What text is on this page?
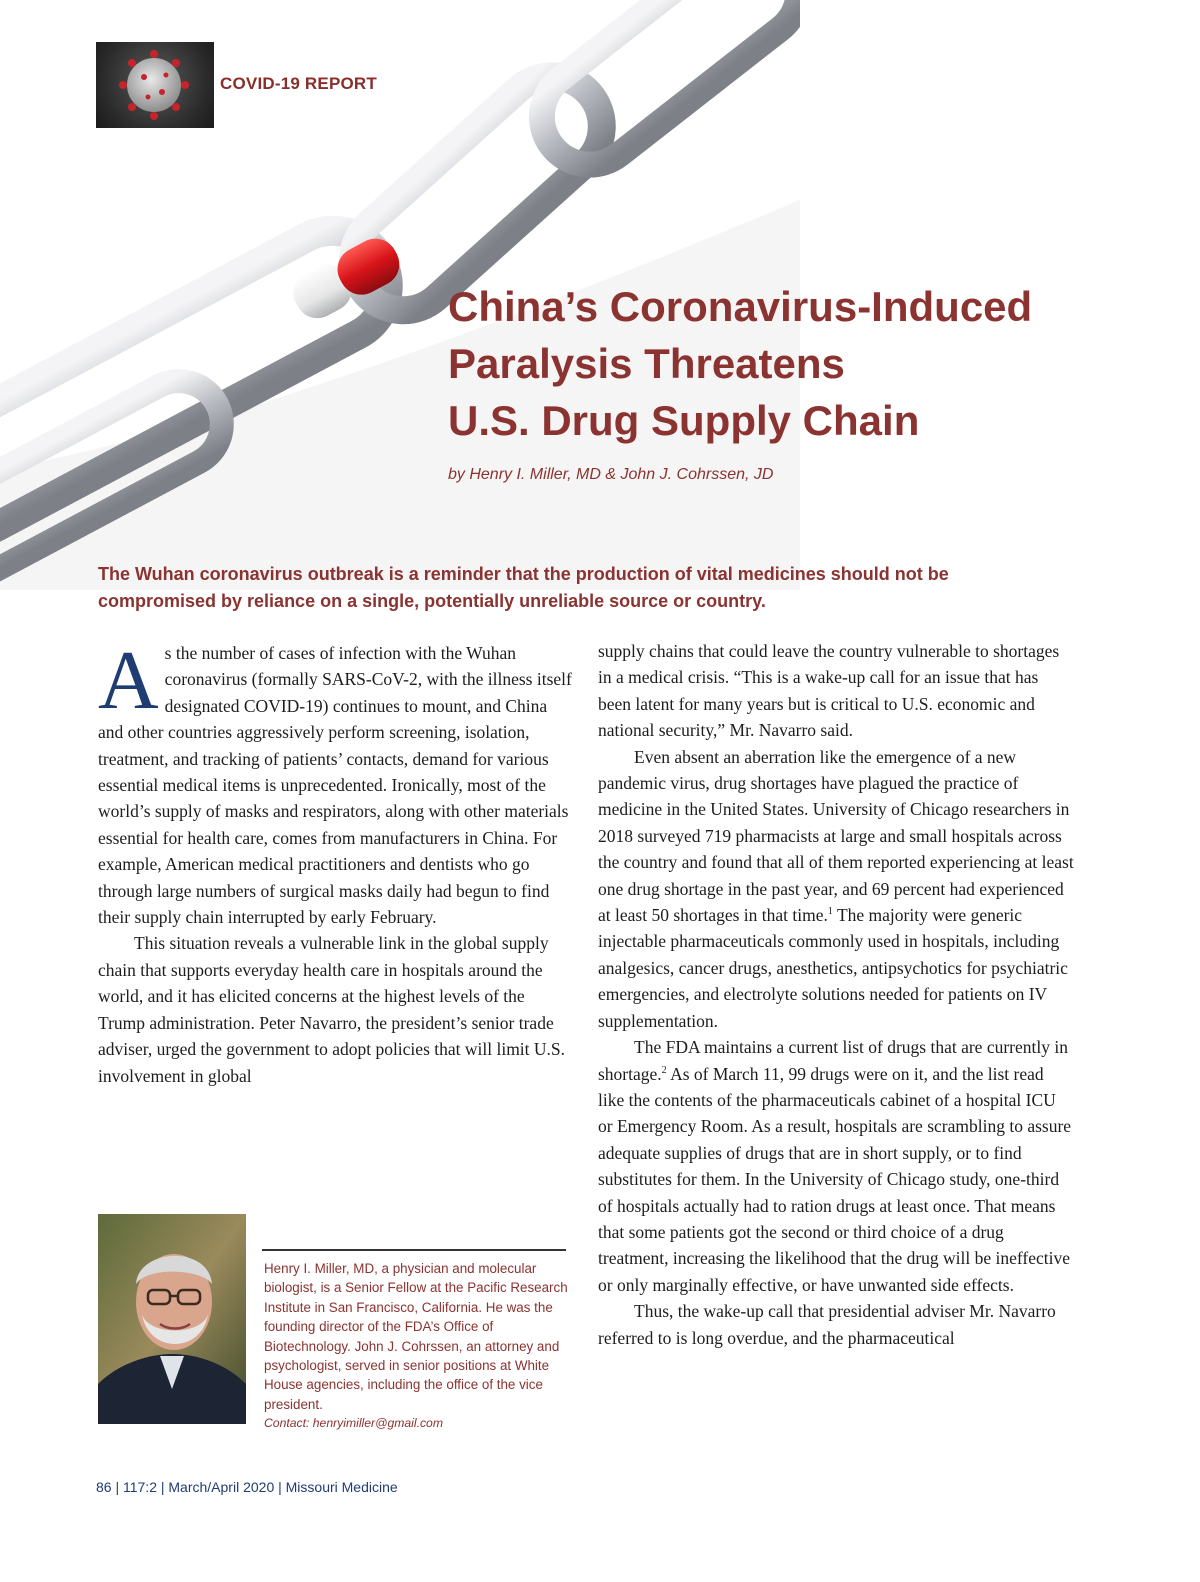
COVID-19 REPORT
China’s Coronavirus-Induced
Paralysis Threatens
U.S. Drug Supply Chain
by Henry I. Miller, MD & John J. Cohrssen, JD
The Wuhan coronavirus outbreak is a reminder that the production of vital medicines should not be compromised by reliance on a single, potentially unreliable source or country.

As the number of cases of infection with the Wuhan coronavirus (formally SARS-CoV-2, with the illness itself designated COVID-19) continues to mount, and China and other countries aggressively perform screening, isolation, treatment, and tracking of patients’ contacts, demand for various essential medical items is unprecedented. Ironically, most of the world’s supply of masks and respirators, along with other materials essential for health care, comes from manufacturers in China. For example, American medical practitioners and dentists who go through large numbers of surgical masks daily had begun to find their supply chain interrupted by early February.

This situation reveals a vulnerable link in the global supply chain that supports everyday health care in hospitals around the world, and it has elicited concerns at the highest levels of the Trump administration. Peter Navarro, the president’s senior trade adviser, urged the government to adopt policies that will limit U.S. involvement in global

supply chains that could leave the country vulnerable to shortages in a medical crisis. “This is a wake-up call for an issue that has been latent for many years but is critical to U.S. economic and national security,” Mr. Navarro said.

Even absent an aberration like the emergence of a new pandemic virus, drug shortages have plagued the practice of medicine in the United States. University of Chicago researchers in 2018 surveyed 719 pharmacists at large and small hospitals across the country and found that all of them reported experiencing at least one drug shortage in the past year, and 69 percent had experienced at least 50 shortages in that time.$^1$ The majority were generic injectable pharmaceuticals commonly used in hospitals, including analgesics, cancer drugs, anesthetics, antipsychotics for psychiatric emergencies, and electrolyte solutions needed for patients on IV supplementation.

The FDA maintains a current list of drugs that are currently in shortage.$^2$ As of March 11, 99 drugs were on it, and the list read like the contents of the pharmaceuticals cabinet of a hospital ICU or Emergency Room. As a result, hospitals are scrambling to assure adequate supplies of drugs that are in short supply, or to find substitutes for them. In the University of Chicago study, one-third of hospitals actually had to ration drugs at least once. That means that some patients got the second or third choice of a drug treatment, increasing the likelihood that the drug will be ineffective or only marginally effective, or have unwanted side effects.

Thus, the wake-up call that presidential adviser Mr. Navarro referred to is long overdue, and the pharmaceutical

Henry I. Miller, MD, a physician and molecular biologist, is a Senior Fellow at the Pacific Research Institute in San Francisco, California. He was the founding director of the FDA’s Office of Biotechnology. John J. Cohrssen, an attorney and psychologist, served in senior positions at White House agencies, including the office of the vice president.
Contact: henryimiller@gmail.com
86 | 117:2 | March/April 2020 | Missouri Medicine
